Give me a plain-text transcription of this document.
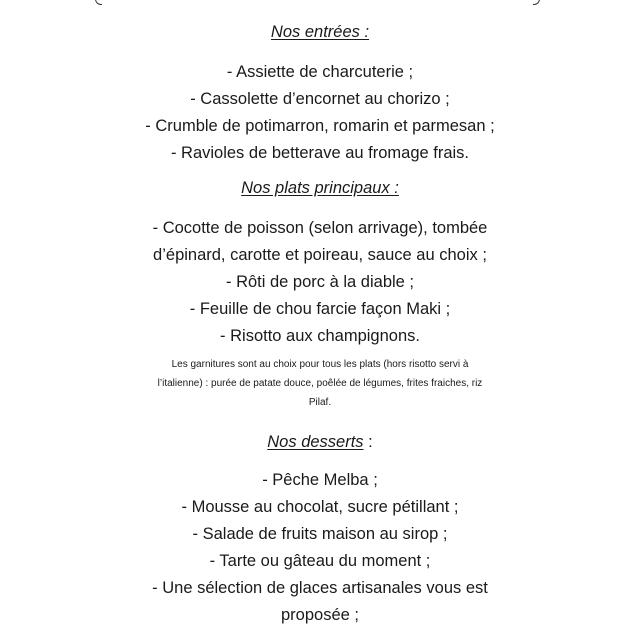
Nos entrées :
- Assiette de charcuterie ;
- Cassolette d’encornet au chorizo ;
- Crumble de potimarron, romarin et parmesan ;
- Ravioles de betterave au fromage frais.
Nos plats principaux :
- Cocotte de poisson (selon arrivage), tombée
d’épinard, carotte et poireau, sauce au choix ;
- Rôti de porc à la diable ;
- Feuille de chou farcie façon Maki ;
- Risotto aux champignons.
Les garnitures sont au choix pour tous les plats (hors risotto servi à
l’italienne) : purée de patate douce, poêlée de légumes, frites fraiches, riz
Pilaf.
Nos desserts :
- Pêche Melba ;
- Mousse au chocolat, sucre pétillant ;
- Salade de fruits maison au sirop ;
- Tarte ou gâteau du moment ;
- Une sélection de glaces artisanales vous est
proposée ;
